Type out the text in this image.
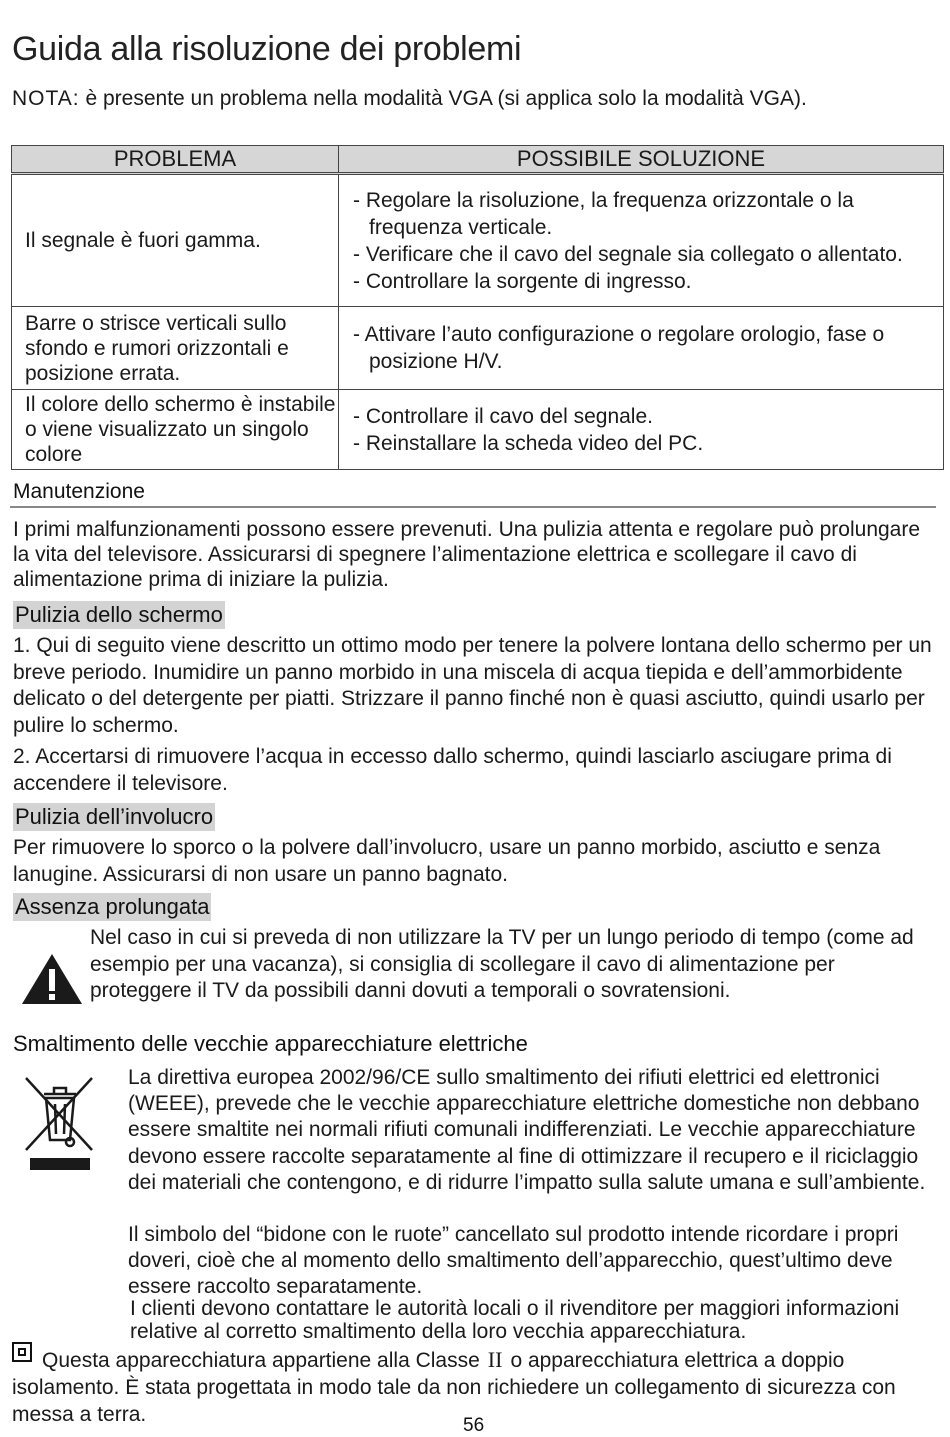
Guida alla risoluzione dei problemi
NOTA: è presente un problema nella modalità VGA (si applica solo la modalità VGA).
PROBLEMA	POSSIBILE SOLUZIONE
Il segnale è fuori gamma.	- Regolare la risoluzione, la frequenza orizzontale o la frequenza verticale.
- Verificare che il cavo del segnale sia collegato o allentato.
- Controllare la sorgente di ingresso.

Barre o strisce verticali sullo sfondo e rumori orizzontali e posizione errata.	- Attivare l’auto configurazione o regolare orologio, fase o posizione H/V.

Il colore dello schermo è instabile o viene visualizzato un singolo colore	- Controllare il cavo del segnale.
- Reinstallare la scheda video del PC.
Manutenzione
I primi malfunzionamenti possono essere prevenuti. Una pulizia attenta e regolare può prolungare la vita del televisore. Assicurarsi di spegnere l’alimentazione elettrica e scollegare il cavo di alimentazione prima di iniziare la pulizia.
Pulizia dello schermo
1. Qui di seguito viene descritto un ottimo modo per tenere la polvere lontana dello schermo per un breve periodo. Inumidire un panno morbido in una miscela di acqua tiepida e dell’ammorbidente delicato o del detergente per piatti. Strizzare il panno finché non è quasi asciutto, quindi usarlo per pulire lo schermo.
2. Accertarsi di rimuovere l’acqua in eccesso dallo schermo, quindi lasciarlo asciugare prima di accendere il televisore.
Pulizia dell’involucro
Per rimuovere lo sporco o la polvere dall’involucro, usare un panno morbido, asciutto e senza lanugine. Assicurarsi di non usare un panno bagnato.
Assenza prolungata
Nel caso in cui si preveda di non utilizzare la TV per un lungo periodo di tempo (come ad esempio per una vacanza), si consiglia di scollegare il cavo di alimentazione per proteggere il TV da possibili danni dovuti a temporali o sovratensioni.
Smaltimento delle vecchie apparecchiature elettriche
La direttiva europea 2002/96/CE sullo smaltimento dei rifiuti elettrici ed elettronici (WEEE), prevede che le vecchie apparecchiature elettriche domestiche non debbano essere smaltite nei normali rifiuti comunali indifferenziati. Le vecchie apparecchiature devono essere raccolte separatamente al fine di ottimizzare il recupero e il riciclaggio dei materiali che contengono, e di ridurre l’impatto sulla salute umana e sull’ambiente.
Il simbolo del “bidone con le ruote” cancellato sul prodotto intende ricordare i propri doveri, cioè che al momento dello smaltimento dell’apparecchio, quest’ultimo deve essere raccolto separatamente.
I clienti devono contattare le autorità locali o il rivenditore per maggiori informazioni relative al corretto smaltimento della loro vecchia apparecchiatura.
Questa apparecchiatura appartiene alla Classe II o apparecchiatura elettrica a doppio isolamento. È stata progettata in modo tale da non richiedere un collegamento di sicurezza con messa a terra.	56
